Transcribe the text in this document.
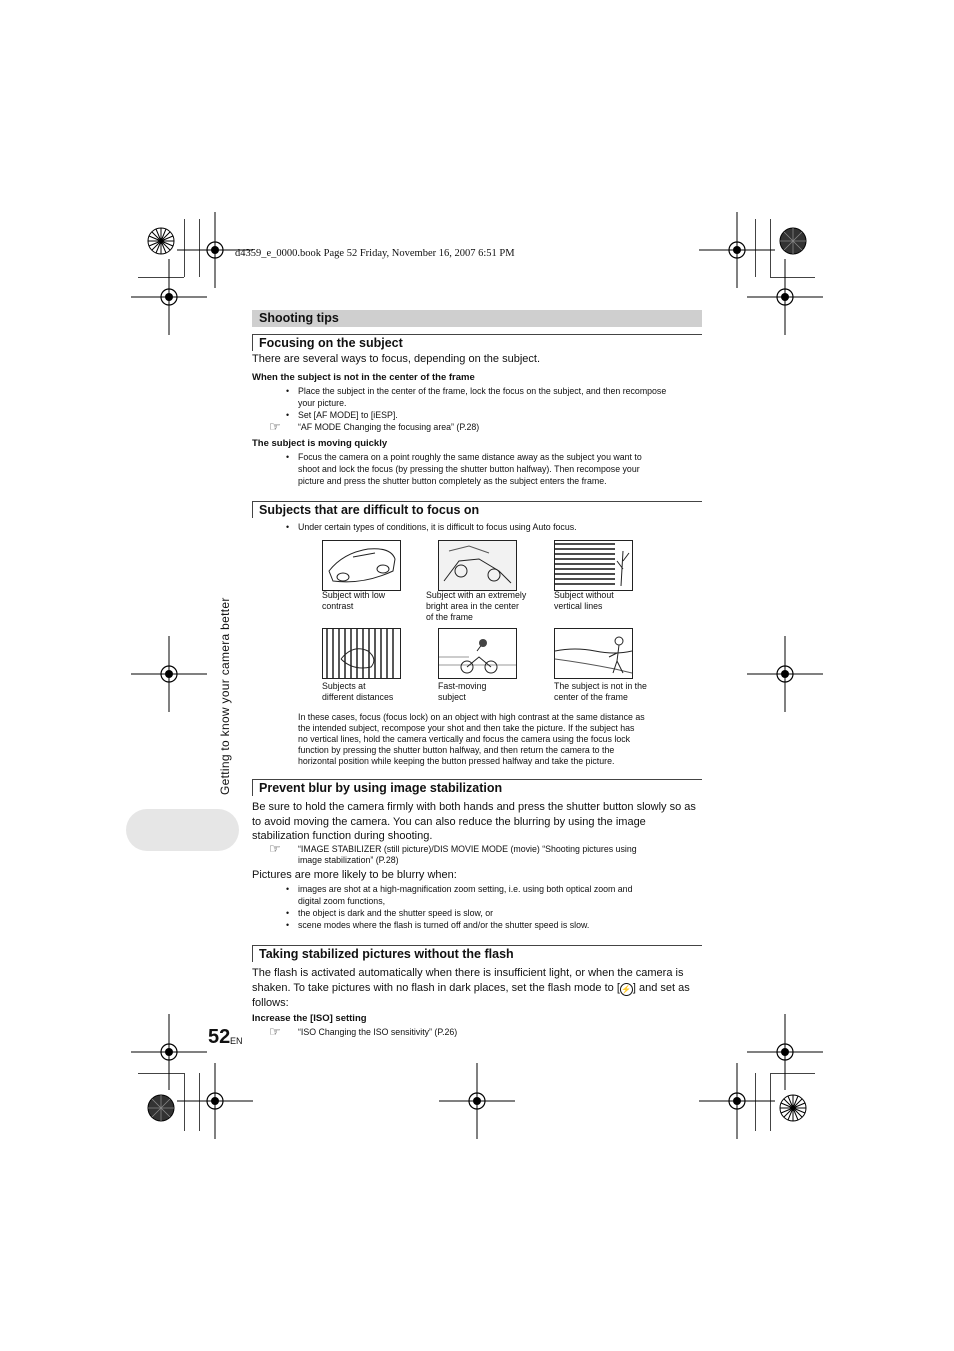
d4359_e_0000.book Page 52 Friday, November 16, 2007 6:51 PM
Getting to know your camera better
52 EN
Shooting tips
Focusing on the subject
There are several ways to focus, depending on the subject.
When the subject is not in the center of the frame
• Place the subject in the center of the frame, lock the focus on the subject, and then recompose
your picture.
• Set [AF MODE] to [iESP].
☞ “AF MODE Changing the focusing area” (P.28)
The subject is moving quickly
• Focus the camera on a point roughly the same distance away as the subject you want to
shoot and lock the focus (by pressing the shutter button halfway). Then recompose your
picture and press the shutter button completely as the subject enters the frame.
Subjects that are difficult to focus on
• Under certain types of conditions, it is difficult to focus using Auto focus.
Subject with low
contrast
Subject with an extremely
bright area in the center
of the frame
Subject without
vertical lines
Subjects at
different distances
Fast-moving
subject
The subject is not in the
center of the frame
In these cases, focus (focus lock) on an object with high contrast at the same distance as
the intended subject, recompose your shot and then take the picture. If the subject has
no vertical lines, hold the camera vertically and focus the camera using the focus lock
function by pressing the shutter button halfway, and then return the camera to the
horizontal position while keeping the button pressed halfway and take the picture.
Prevent blur by using image stabilization
Be sure to hold the camera firmly with both hands and press the shutter button slowly so as
to avoid moving the camera. You can also reduce the blurring by using the image
stabilization function during shooting.
☞ “IMAGE STABILIZER (still picture)/DIS MOVIE MODE (movie) “Shooting pictures using
image stabilization” (P.28)
Pictures are more likely to be blurry when:
• images are shot at a high-magnification zoom setting, i.e. using both optical zoom and
digital zoom functions,
• the object is dark and the shutter speed is slow, or
• scene modes where the flash is turned off and/or the shutter speed is slow.
Taking stabilized pictures without the flash
The flash is activated automatically when there is insufficient light, or when the camera is
shaken. To take pictures with no flash in dark places, set the flash mode to [ ⚡ ] and set as
follows:
Increase the [ISO] setting
☞ “ISO Changing the ISO sensitivity” (P.26)
